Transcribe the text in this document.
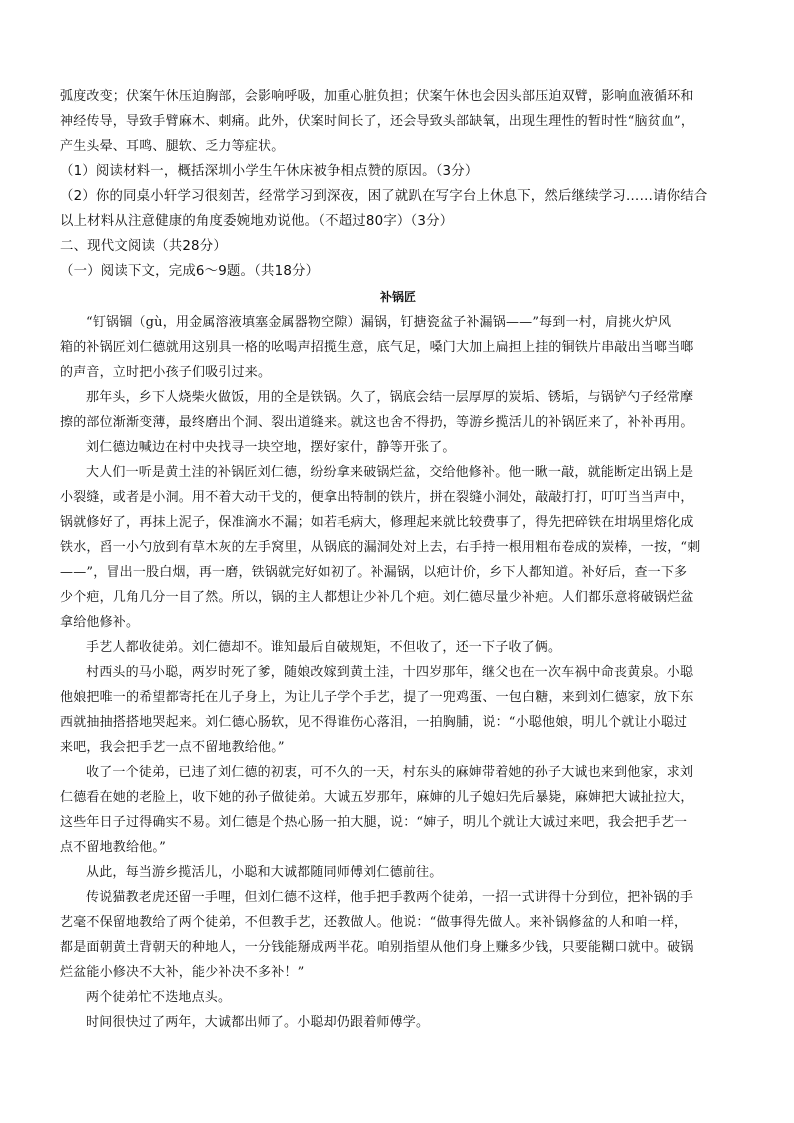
弧度改变；伏案午休压迫胸部，会影响呼吸，加重心脏负担；伏案午休也会因头部压迫双臂，影响血液循环和
神经传导，导致手臂麻木、刺痛。此外，伏案时间长了，还会导致头部缺氧，出现生理性的暂时性“脑贫血”，
产生头晕、耳鸣、腿软、乏力等症状。
（1）阅读材料一，概括深圳小学生午休床被争相点赞的原因。（3分）
（2）你的同桌小轩学习很刻苦，经常学习到深夜，困了就趴在写字台上休息下，然后继续学习……请你结合
以上材料从注意健康的角度委婉地劝说他。（不超过80字）（3分）
二、现代文阅读（共28分）
（一）阅读下文，完成6～9题。（共18分）
补锅匠
“钉锅锢（gù，用金属溶液填塞金属器物空隙）漏锅，钉搪瓷盆子补漏锅——”每到一村，肩挑火炉风
箱的补锅匠刘仁德就用这别具一格的吆喝声招揽生意，底气足，嗓门大加上扁担上挂的铜铁片串敲出当啷当啷
的声音，立时把小孩子们吸引过来。
那年头，乡下人烧柴火做饭，用的全是铁锅。久了，锅底会结一层厚厚的炭垢、锈垢，与锅铲勺子经常摩
擦的部位渐渐变薄，最终磨出个洞、裂出道缝来。就这也舍不得扔，等游乡揽活儿的补锅匠来了，补补再用。
刘仁德边喊边在村中央找寻一块空地，摆好家什，静等开张了。
大人们一听是黄土洼的补锅匠刘仁德，纷纷拿来破锅烂盆，交给他修补。他一瞅一敲，就能断定出锅上是
小裂缝，或者是小洞。用不着大动干戈的，便拿出特制的铁片，拼在裂缝小洞处，敲敲打打，叮叮当当声中，
锅就修好了，再抹上泥子，保准滴水不漏；如若毛病大，修理起来就比较费事了，得先把碎铁在坩埚里熔化成
铁水，舀一小勺放到有草木灰的左手窝里，从锅底的漏洞处対上去，右手持一根用粗布卷成的炭棒，一按，“刺
——”，冒出一股白烟，再一磨，铁锅就完好如初了。补漏锅，以疤计价，乡下人都知道。补好后，查一下多
少个疤，几角几分一目了然。所以，锅的主人都想让少补几个疤。刘仁德尽量少补疤。人们都乐意将破锅烂盆
拿给他修补。
手艺人都收徒弟。刘仁德却不。谁知最后自破规矩，不但收了，还一下子收了俩。
村西头的马小聪，两岁时死了爹，随娘改嫁到黄土洼，十四岁那年，继父也在一次车祸中命丧黄泉。小聪
他娘把唯一的希望都寄托在儿子身上，为让儿子学个手艺，提了一兜鸡蛋、一包白糖，来到刘仁德家，放下东
西就抽抽搭搭地哭起来。刘仁德心肠软，见不得谁伤心落泪，一拍胸脯，说：“小聪他娘，明儿个就让小聪过
来吧，我会把手艺一点不留地教给他。”
收了一个徒弟，已违了刘仁德的初衷，可不久的一天，村东头的麻婶带着她的孙子大诚也来到他家，求刘
仁德看在她的老脸上，收下她的孙子做徒弟。大诚五岁那年，麻婶的儿子媳妇先后暴毙，麻婶把大诚扯拉大，
这些年日子过得确实不易。刘仁德是个热心肠一拍大腿，说：“婶子，明儿个就让大诚过来吧，我会把手艺一
点不留地教给他。”
从此，每当游乡揽活儿，小聪和大诚都随同师傅刘仁德前往。
传说猫教老虎还留一手哩，但刘仁德不这样，他手把手教两个徒弟，一招一式讲得十分到位，把补锅的手
艺毫不保留地教给了两个徒弟，不但教手艺，还教做人。他说：“做事得先做人。来补锅修盆的人和咱一样，
都是面朝黄土背朝天的种地人，一分钱能掰成两半花。咱别指望从他们身上赚多少钱，只要能糊口就中。破锅
烂盆能小修决不大补，能少补决不多补！”
两个徒弟忙不迭地点头。
时间很快过了两年，大诚都出师了。小聪却仍跟着师傅学。
